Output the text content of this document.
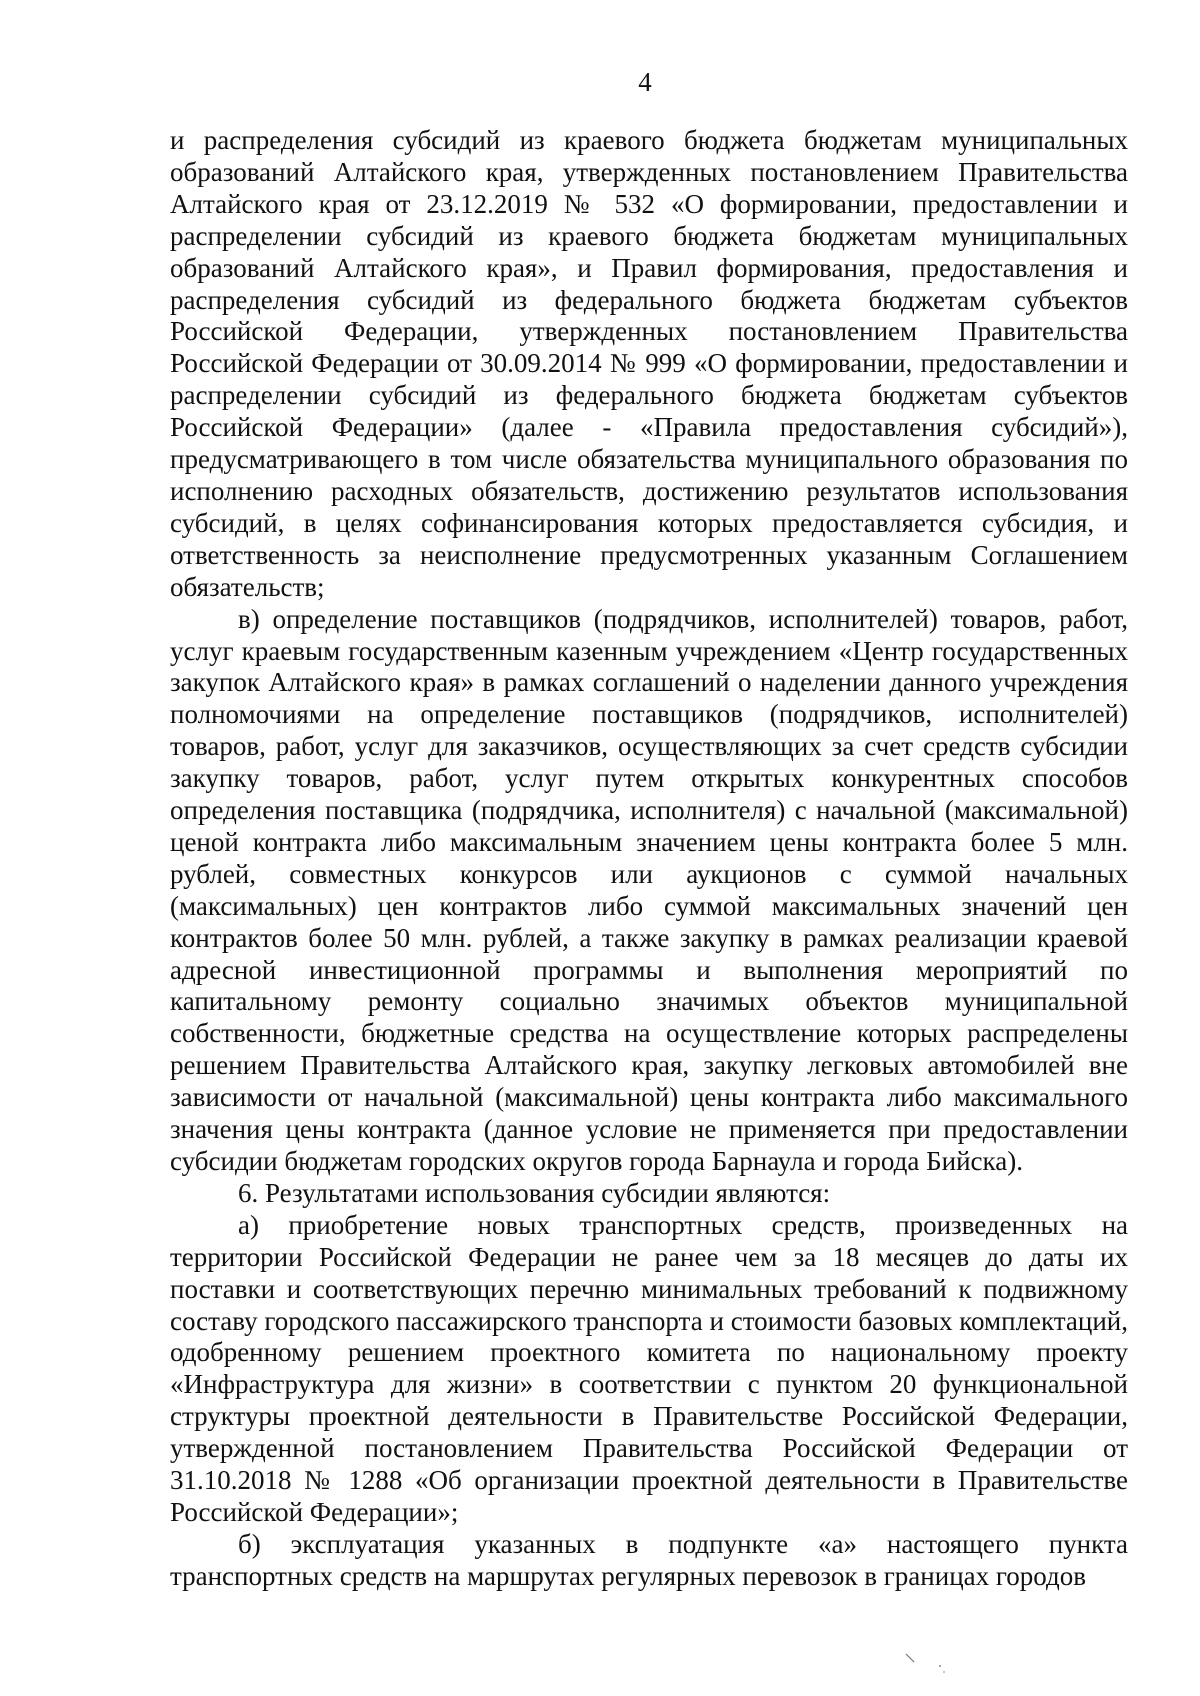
4

и распределения субсидий из краевого бюджета бюджетам муниципальных образований Алтайского края, утвержденных постановлением Правительства Алтайского края от 23.12.2019 № 532 «О формировании, предоставлении и распределении субсидий из краевого бюджета бюджетам муниципальных образований Алтайского края», и Правил формирования, предоставления и распределения субсидий из федерального бюджета бюджетам субъектов Российской Федерации, утвержденных постановлением Правительства Российской Федерации от 30.09.2014 № 999 «О формировании, предоставлении и распределении субсидий из федерального бюджета бюджетам субъектов Российской Федерации» (далее - «Правила предоставления субсидий»), предусматривающего в том числе обязательства муниципального образования по исполнению расходных обязательств, достижению результатов использования субсидий, в целях софинансирования которых предоставляется субсидия, и ответственность за неисполнение предусмотренных указанным Соглашением обязательств;

в) определение поставщиков (подрядчиков, исполнителей) товаров, работ, услуг краевым государственным казенным учреждением «Центр государственных закупок Алтайского края» в рамках соглашений о наделении данного учреждения полномочиями на определение поставщиков (подрядчиков, исполнителей) товаров, работ, услуг для заказчиков, осуществляющих за счет средств субсидии закупку товаров, работ, услуг путем открытых конкурентных способов определения поставщика (подрядчика, исполнителя) с начальной (максимальной) ценой контракта либо максимальным значением цены контракта более 5 млн. рублей, совместных конкурсов или аукционов с суммой начальных (максимальных) цен контрактов либо суммой максимальных значений цен контрактов более 50 млн. рублей, а также закупку в рамках реализации краевой адресной инвестиционной программы и выполнения мероприятий по капитальному ремонту социально значимых объектов муниципальной собственности, бюджетные средства на осуществление которых распределены решением Правительства Алтайского края, закупку легковых автомобилей вне зависимости от начальной (максимальной) цены контракта либо максимального значения цены контракта (данное условие не применяется при предоставлении субсидии бюджетам городских округов города Барнаула и города Бийска).

6. Результатами использования субсидии являются:

а) приобретение новых транспортных средств, произведенных на территории Российской Федерации не ранее чем за 18 месяцев до даты их поставки и соответствующих перечню минимальных требований к подвижному составу городского пассажирского транспорта и стоимости базовых комплектаций, одобренному решением проектного комитета по национальному проекту «Инфраструктура для жизни» в соответствии с пунктом 20 функциональной структуры проектной деятельности в Правительстве Российской Федерации, утвержденной постановлением Правительства Российской Федерации от 31.10.2018 № 1288 «Об организации проектной деятельности в Правительстве Российской Федерации»;

б) эксплуатация указанных в подпункте «а» настоящего пункта транспортных средств на маршрутах регулярных перевозок в границах городов
